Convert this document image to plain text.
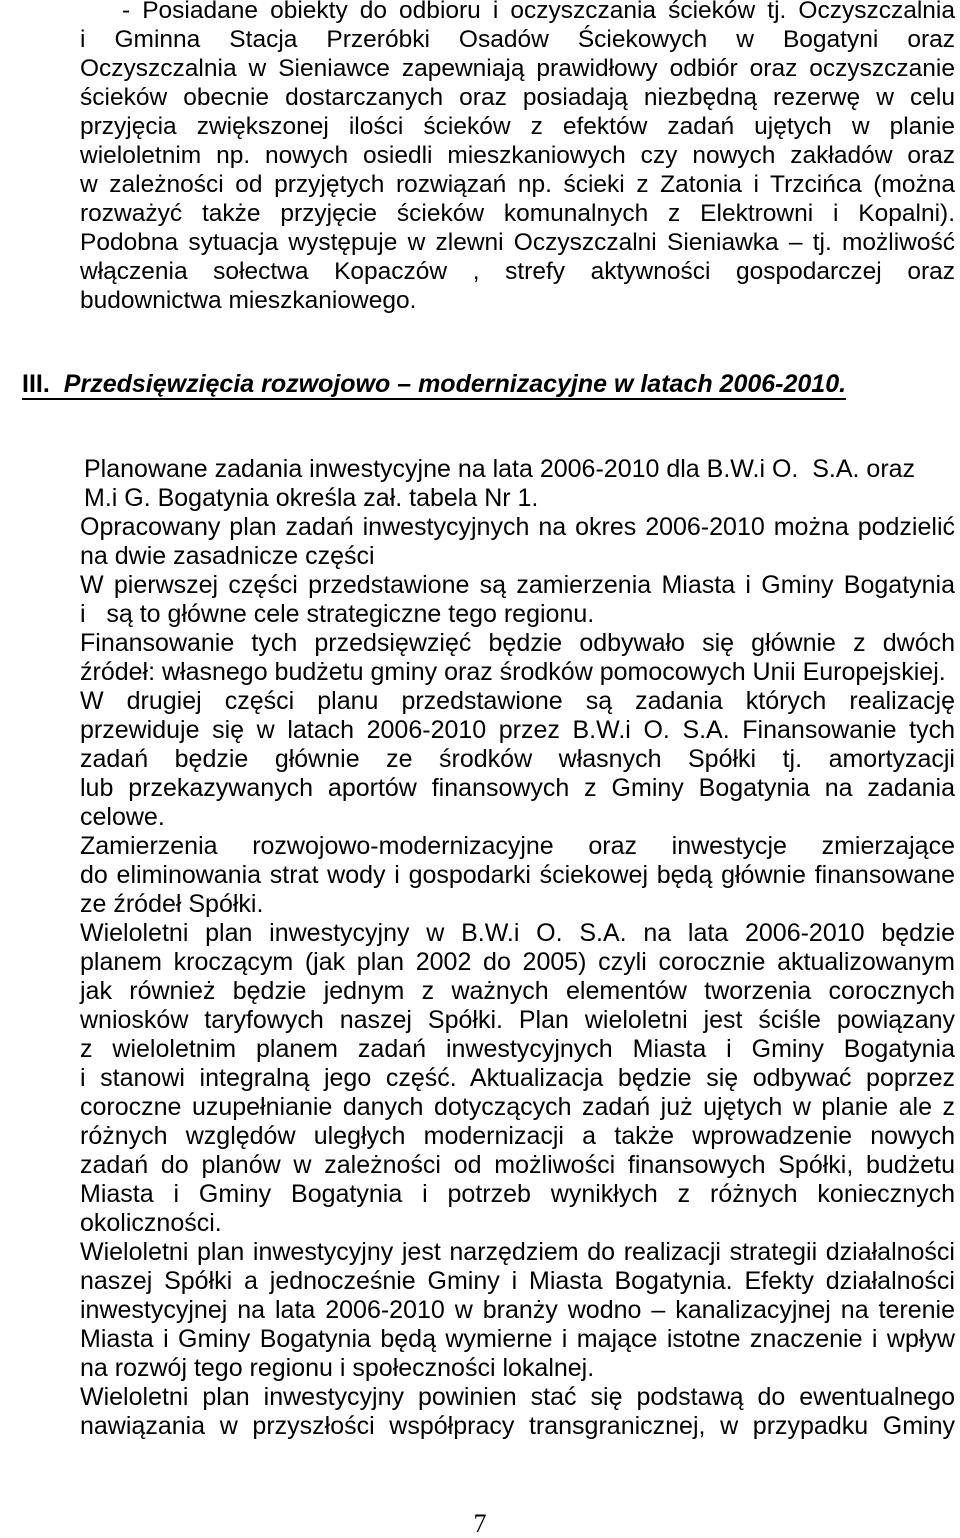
- Posiadane obiekty do odbioru i oczyszczania ścieków tj. Oczyszczalnia
i Gminna Stacja Przeróbki Osadów Ściekowych w Bogatyni oraz
Oczyszczalnia w Sieniawce zapewniają prawidłowy odbiór oraz oczyszczanie
ścieków obecnie dostarczanych oraz posiadają niezbędną rezerwę w celu
przyjęcia zwiększonej ilości ścieków z efektów zadań ujętych w planie
wieloletnim np. nowych osiedli mieszkaniowych czy nowych zakładów oraz
w zależności od przyjętych rozwiązań np. ścieki z Zatonia i Trzcińca (można
rozważyć także przyjęcie ścieków komunalnych z Elektrowni i Kopalni).
Podobna sytuacja występuje w zlewni Oczyszczalni Sieniawka – tj. możliwość
włączenia sołectwa Kopaczów , strefy aktywności gospodarczej oraz
budownictwa mieszkaniowego.
III. Przedsięwzięcia rozwojowo – modernizacyjne w latach 2006-2010.
Planowane zadania inwestycyjne na lata 2006-2010 dla B.W.i O.  S.A. oraz
M.i G. Bogatynia określa zał. tabela Nr 1.
Opracowany plan zadań inwestycyjnych na okres 2006-2010 można podzielić
na dwie zasadnicze części
W pierwszej części przedstawione są zamierzenia Miasta i Gminy Bogatynia
i   są to główne cele strategiczne tego regionu.
Finansowanie tych przedsięwzięć będzie odbywało się głównie z dwóch
źródeł: własnego budżetu gminy oraz środków pomocowych Unii Europejskiej.
W drugiej części planu przedstawione są zadania których realizację
przewiduje się w latach 2006-2010 przez B.W.i O. S.A. Finansowanie tych
zadań będzie głównie ze środków własnych Spółki tj. amortyzacji
lub przekazywanych aportów finansowych z Gminy Bogatynia na zadania
celowe.
Zamierzenia rozwojowo-modernizacyjne oraz inwestycje zmierzające
do eliminowania strat wody i gospodarki ściekowej będą głównie finansowane
ze źródeł Spółki.
Wieloletni plan inwestycyjny w B.W.i O. S.A. na lata 2006-2010 będzie
planem kroczącym (jak plan 2002 do 2005) czyli corocznie aktualizowanym
jak również będzie jednym z ważnych elementów tworzenia corocznych
wniosków taryfowych naszej Spółki. Plan wieloletni jest ściśle powiązany
z wieloletnim planem zadań inwestycyjnych Miasta i Gminy Bogatynia
i stanowi integralną jego część. Aktualizacja będzie się odbywać poprzez
coroczne uzupełnianie danych dotyczących zadań już ujętych w planie ale z
różnych względów uległych modernizacji a także wprowadzenie nowych
zadań do planów w zależności od możliwości finansowych Spółki, budżetu
Miasta i Gminy Bogatynia i potrzeb wynikłych z różnych koniecznych
okoliczności.
Wieloletni plan inwestycyjny jest narzędziem do realizacji strategii działalności
naszej Spółki a jednocześnie Gminy i Miasta Bogatynia. Efekty działalności
inwestycyjnej na lata 2006-2010 w branży wodno – kanalizacyjnej na terenie
Miasta i Gminy Bogatynia będą wymierne i mające istotne znaczenie i wpływ
na rozwój tego regionu i społeczności lokalnej.
Wieloletni plan inwestycyjny powinien stać się podstawą do ewentualnego
nawiązania w przyszłości współpracy transgranicznej, w przypadku Gminy
7
